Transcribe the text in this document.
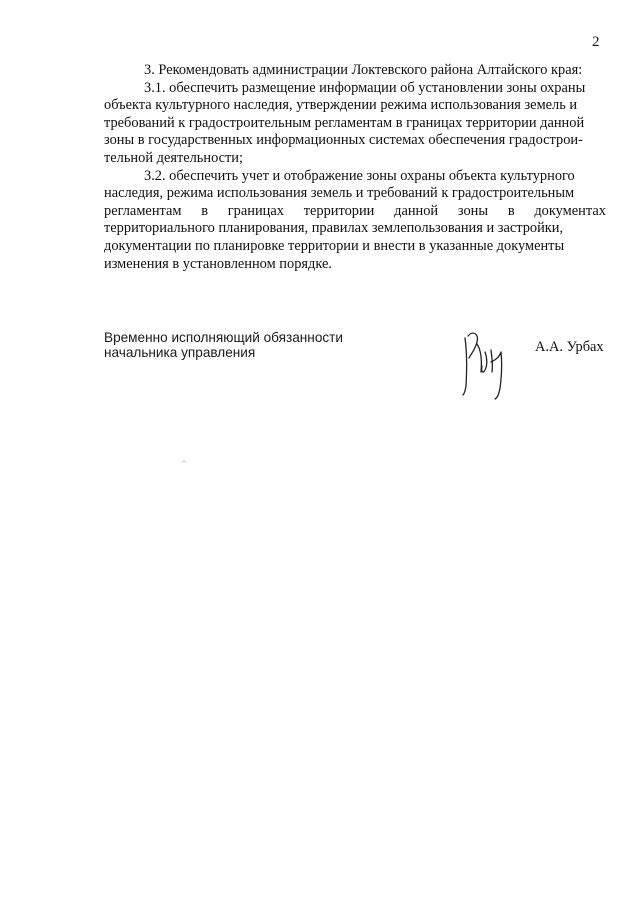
2
3. Рекомендовать администрации Локтевского района Алтайского края:
3.1. обеспечить размещение информации об установлении зоны охраны
объекта культурного наследия, утверждении режима использования земель и
требований к градостроительным регламентам в границах территории данной
зоны в государственных информационных системах обеспечения градострои-
тельной деятельности;
3.2. обеспечить учет и отображение зоны охраны объекта культурного
наследия, режима использования земель и требований к градостроительным
регламентам в границах территории данной зоны в документах
территориального планирования, правилах землепользования и застройки,
документации по планировке территории и внести в указанные документы
изменения в установленном порядке.
Временно исполняющий обязанности
начальника управления	А.А. Урбах
